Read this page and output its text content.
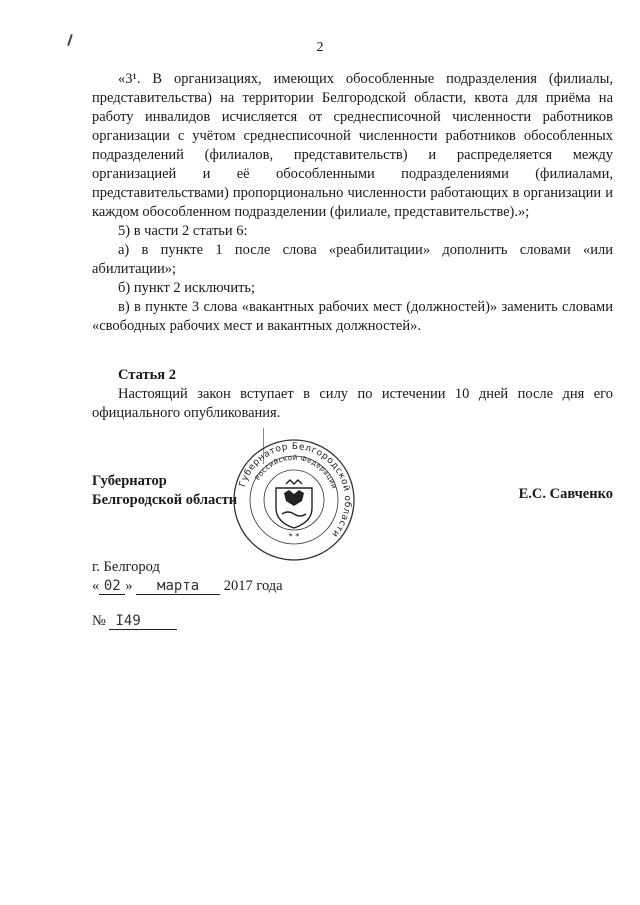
2

«3¹. В организациях, имеющих обособленные подразделения (филиалы, представительства) на территории Белгородской области, квота для приёма на работу инвалидов исчисляется от среднесписочной численности работников организации с учётом среднесписочной численности работников обособленных подразделений (филиалов, представительств) и распределяется между организацией и её обособленными подразделениями (филиалами, представительствами) пропорционально численности работающих в организации и каждом обособленном подразделении (филиале, представительстве).»;

5) в части 2 статьи 6:

а) в пункте 1 после слова «реабилитации» дополнить словами «или абилитации»;

б) пункт 2 исключить;

в) в пункте 3 слова «вакантных рабочих мест (должностей)» заменить словами «свободных рабочих мест и вакантных должностей».

Статья 2

Настоящий закон вступает в силу по истечении 10 дней после дня его официального опубликования.

Губернатор
Белгородской области
Губернатор Белгородской области
Российской Федерации
* *
Е.С. Савченко
г. Белгород
« 02 » марта 2017 года
№ I49
